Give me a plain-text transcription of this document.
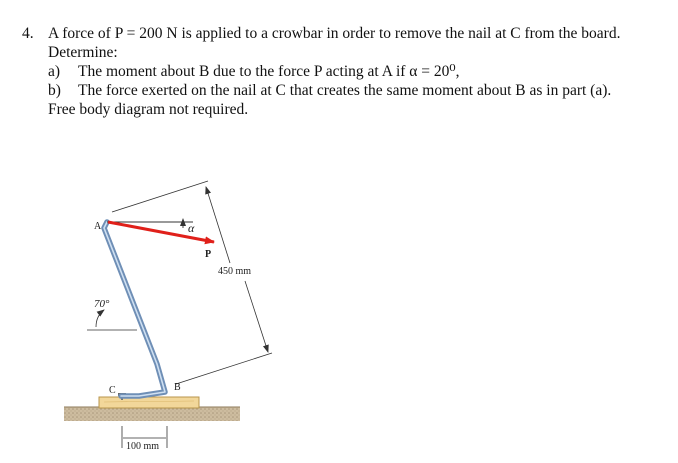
4. A force of P = 200 N is applied to a crowbar in order to remove the nail at C from the board.
Determine:
a) The moment about B due to the force P acting at A if α = 20⁰,
b) The force exerted on the nail at C that creates the same moment about B as in part (a).
Free body diagram not required.
α
P
450 mm
70°
A
B
C
100 mm
